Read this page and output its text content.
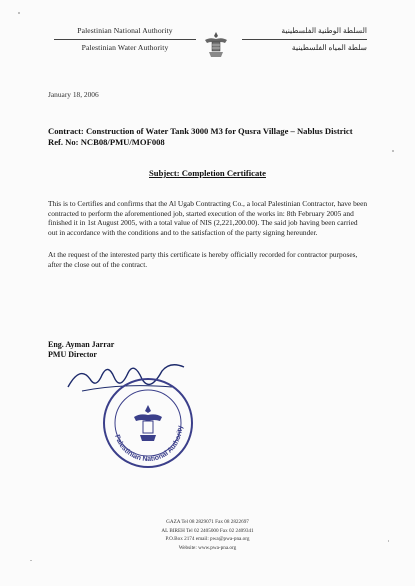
Palestinian National Authority
Palestinian Water Authority
السلطة الوطنية الفلسطينية
سلطة المياه الفلسطينية
January 18, 2006
Contract: Construction of Water Tank 3000 M3 for Qusra Village – Nablus District
Ref. No: NCB08/PMU/MOF008
Subject: Completion Certificate
This is to Certifies and confirms that the Al Ugab Contracting Co., a local Palestinian Contractor, have been contracted to perform the aforementioned job, started execution of the works in: 8th February 2005 and finished it in 1st August 2005, with a total value of NIS (2,221,200.00). The said job having been carried out in accordance with the conditions and to the satisfaction of the party signing hereunder.
At the request of the interested party this certificate is hereby officially recorded for contractor purposes, after the close out of the contract.
Eng. Ayman Jarrar
PMU Director
Palestinian National Authority
GAZA Tel 08 2829071 Fax 08 2822697
AL BIREH Tel 02 2405000 Fax 02 2409341
P.O.Box 2174 email: pwa@pwa-pna.org
Website: www.pwa-pna.org
